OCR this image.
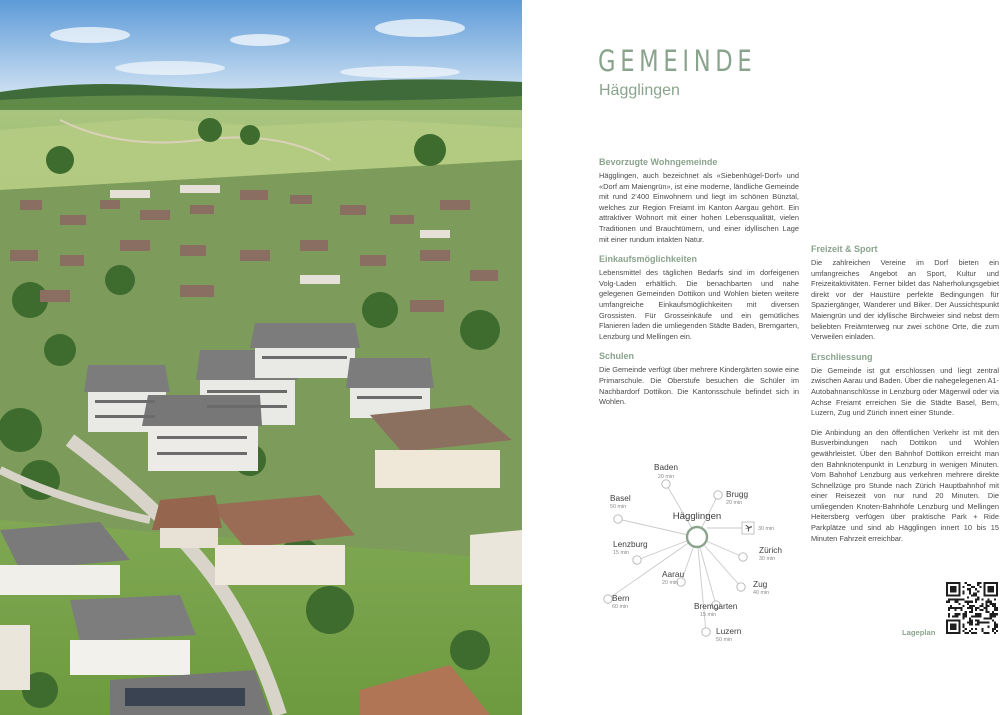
GEMEINDE
Hägglingen
Bevorzugte Wohngemeinde

Hägglingen, auch bezeichnet als «Siebenhügel-Dorf» und «Dorf am Maiengrün», ist eine moderne, ländliche Gemeinde mit rund 2‘400 Einwohnern und liegt im schönen Bünztal, welches zur Region Freiamt im Kanton Aargau gehört. Ein attraktiver Wohnort mit einer hohen Lebensqualität, vielen Traditionen und Brauchtümern, und einer idyllischen Lage mit einer rundum intakten Natur.

Einkaufsmöglichkeiten

Lebensmittel des täglichen Bedarfs sind im dorfeigenen Volg-Laden erhältlich. Die benachbarten und nahe gelegenen Gemeinden Dottikon und Wohlen bieten weitere umfangreiche Einkaufsmöglichkeiten mit diversen Grossisten. Für Grosseinkäufe und ein gemütliches Flanieren laden die umliegenden Städte Baden, Bremgarten, Lenzburg und Mellingen ein.

Schulen

Die Gemeinde verfügt über mehrere Kindergärten sowie eine Primarschule. Die Oberstufe besuchen die Schüler im Nachbardorf Dottikon. Die Kantonsschule befindet sich in Wohlen.

Freizeit & Sport

Die zahlreichen Vereine im Dorf bieten ein umfangreiches Angebot an Sport, Kultur und Freizeitaktivitäten. Ferner bildet das Naherholungsgebiet direkt vor der Haustüre perfekte Bedingungen für Spaziergänger, Wanderer und Biker. Der Aussichtspunkt Maiengrün und der idyllische Birchweier sind nebst dem beliebten Freiämterweg nur zwei schöne Orte, die zum Verweilen einladen.

Erschliessung

Die Gemeinde ist gut erschlossen und liegt zentral zwischen Aarau und Baden. Über die nahegelegenen A1-Autobahnanschlüsse in Lenzburg oder Mägenwil oder via Achse Freiamt erreichen Sie die Städte Basel, Bern, Luzern, Zug und Zürich innert einer Stunde.

Die Anbindung an den öffentlichen Verkehr ist mit den Busverbindungen nach Dottikon und Wohlen gewährleistet. Über den Bahnhof Dottikon erreicht man den Bahnknotenpunkt in Lenzburg in wenigen Minuten. Vom Bahnhof Lenzburg aus verkehren mehrere direkte Schnellzüge pro Stunde nach Zürich Hauptbahnhof mit einer Reisezeit von nur rund 20 Minuten. Die umliegenden Knoten-Bahnhöfe Lenzburg und Mellingen Heitersberg verfügen über praktische Park + Ride Parkplätze und sind ab Hägglingen innert 10 bis 15 Minuten Fahrzeit erreichbar.

Baden
20 min
Brugg
20 min
Basel
50 min
Zürich
30 min
Lenzburg
15 min
Aarau
20 min	Zug
40 min
Bern
60 min	Bremgarten
15 min
Luzern
50 min
Hägglingen
30 min
Lageplan
